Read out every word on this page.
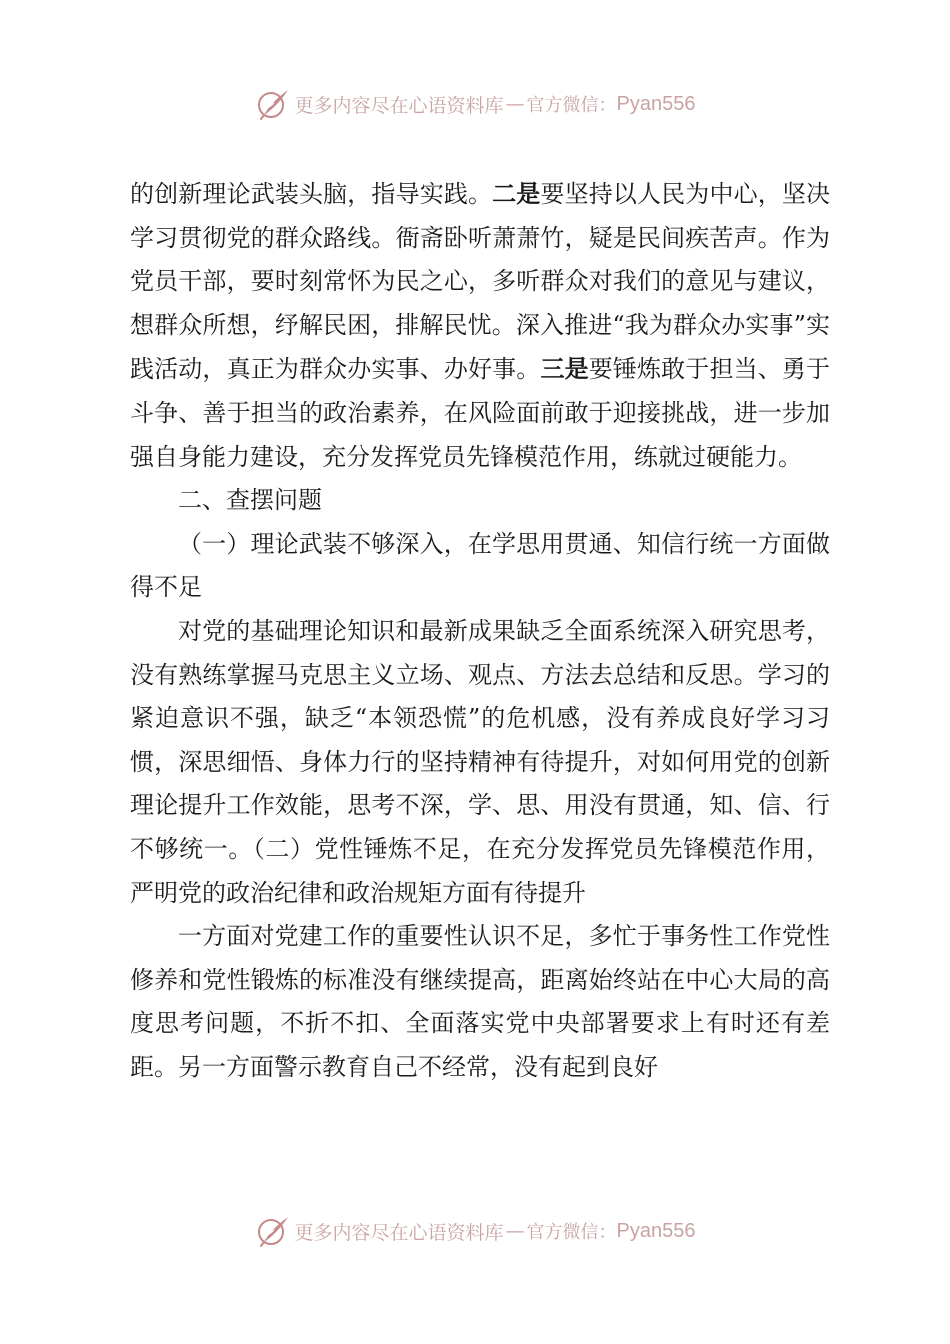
更多内容尽在心语资料库 — 官方微信： Pyan556

的创新理论武装头脑，指导实践。二是要坚持以人民为中心，坚决学习贯彻党的群众路线。衙斋卧听萧萧竹，疑是民间疾苦声。作为党员干部，要时刻常怀为民之心，多听群众对我们的意见与建议，想群众所想，纾解民困，排解民忧。深入推进“我为群众办实事”实践活动，真正为群众办实事、办好事。三是要锤炼敢于担当、勇于斗争、善于担当的政治素养，在风险面前敢于迎接挑战，进一步加强自身能力建设，充分发挥党员先锋模范作用，练就过硬能力。

二、查摆问题

（一）理论武装不够深入，在学思用贯通、知信行统一方面做得不足

对党的基础理论知识和最新成果缺乏全面系统深入研究思考，没有熟练掌握马克思主义立场、观点、方法去总结和反思。学习的紧迫意识不强，缺乏“本领恐慌”的危机感，没有养成良好学习习惯，深思细悟、身体力行的坚持精神有待提升，对如何用党的创新理论提升工作效能，思考不深，学、思、用没有贯通，知、信、行不够统一。（二）党性锤炼不足，在充分发挥党员先锋模范作用，严明党的政治纪律和政治规矩方面有待提升

一方面对党建工作的重要性认识不足，多忙于事务性工作党性修养和党性锻炼的标准没有继续提高，距离始终站在中心大局的高度思考问题，不折不扣、全面落实党中央部署要求上有时还有差距。另一方面警示教育自己不经常，没有起到良好

更多内容尽在心语资料库 — 官方微信： Pyan556
